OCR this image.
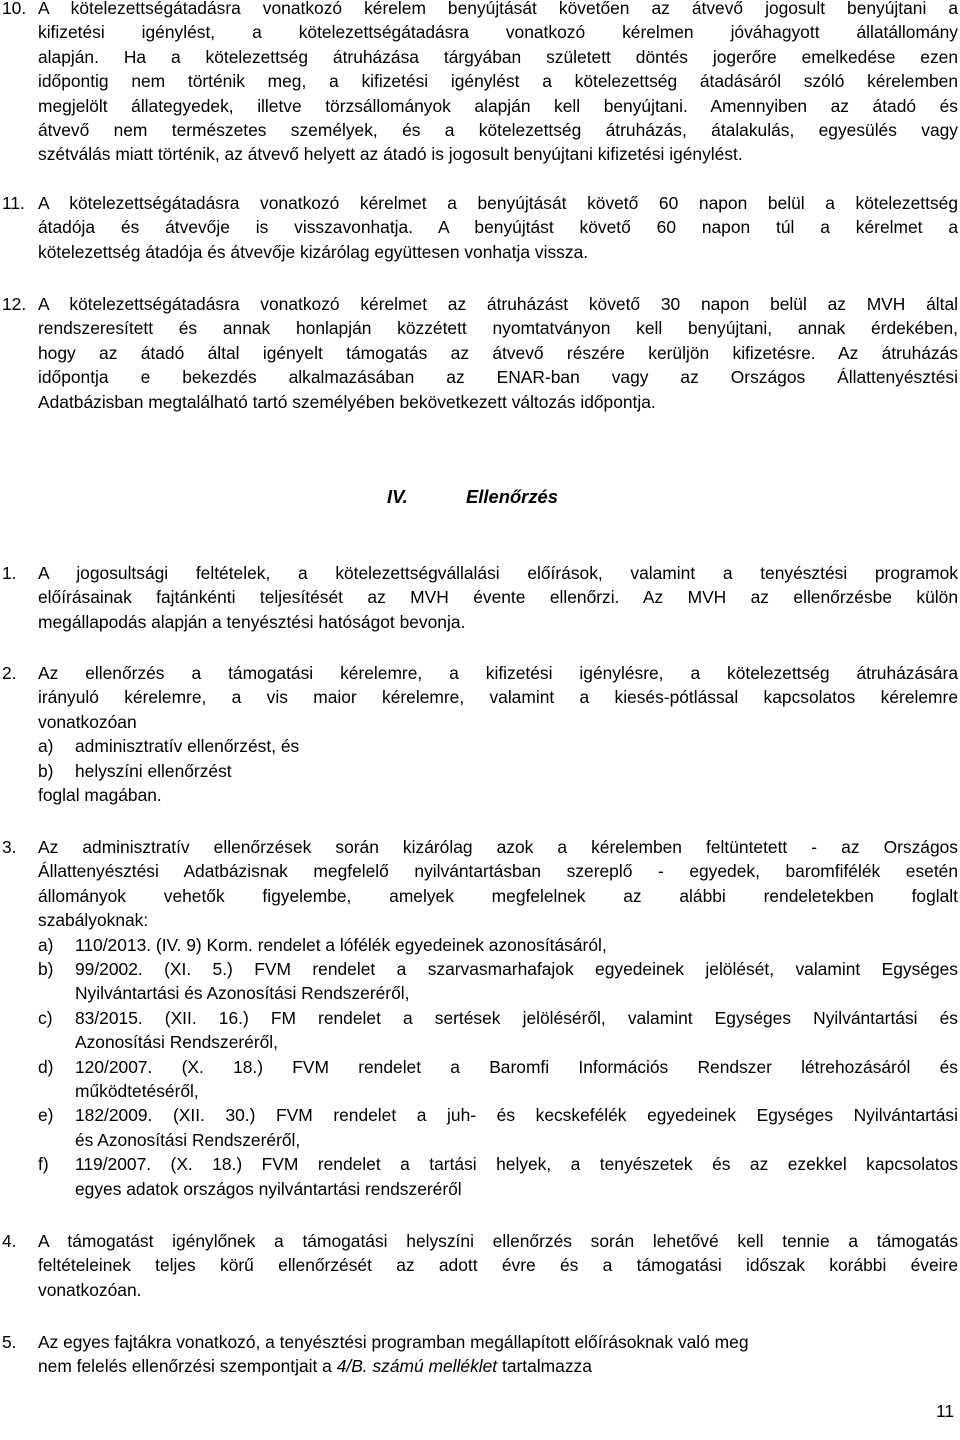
10. A kötelezettségátadásra vonatkozó kérelem benyújtását követően az átvevő jogosult benyújtani a
kifizetési igénylést, a kötelezettségátadásra vonatkozó kérelmen jóváhagyott állatállomány
alapján. Ha a kötelezettség átruházása tárgyában született döntés jogerőre emelkedése ezen
időpontig nem történik meg, a kifizetési igénylést a kötelezettség átadásáról szóló kérelemben
megjelölt állategyedek, illetve törzsállományok alapján kell benyújtani. Amennyiben az átadó és
átvevő nem természetes személyek, és a kötelezettség átruházás, átalakulás, egyesülés vagy
szétválás miatt történik, az átvevő helyett az átadó is jogosult benyújtani kifizetési igénylést.
11. A kötelezettségátadásra vonatkozó kérelmet a benyújtását követő 60 napon belül a kötelezettség
átadója és átvevője is visszavonhatja. A benyújtást követő 60 napon túl a kérelmet a
kötelezettség átadója és átvevője kizárólag együttesen vonhatja vissza.
12. A kötelezettségátadásra vonatkozó kérelmet az átruházást követő 30 napon belül az MVH által
rendszeresített és annak honlapján közzétett nyomtatványon kell benyújtani, annak érdekében,
hogy az átadó által igényelt támogatás az átvevő részére kerüljön kifizetésre. Az átruházás
időpontja e bekezdés alkalmazásában az ENAR-ban vagy az Országos Állattenyésztési
Adatbázisban megtalálható tartó személyében bekövetkezett változás időpontja.
IV.	Ellenőrzés
1. A jogosultsági feltételek, a kötelezettségvállalási előírások, valamint a tenyésztési programok
előírásainak fajtánkénti teljesítését az MVH évente ellenőrzi. Az MVH az ellenőrzésbe külön
megállapodás alapján a tenyésztési hatóságot bevonja.
2. Az ellenőrzés a támogatási kérelemre, a kifizetési igénylésre, a kötelezettség átruházására
irányuló kérelemre, a vis maior kérelemre, valamint a kiesés-pótlással kapcsolatos kérelemre
vonatkozóan
a) adminisztratív ellenőrzést, és
b) helyszíni ellenőrzést
foglal magában.
3. Az adminisztratív ellenőrzések során kizárólag azok a kérelemben feltüntetett - az Országos
Állattenyésztési Adatbázisnak megfelelő nyilvántartásban szereplő - egyedek, baromfifélék esetén
állományok vehetők figyelembe, amelyek megfelelnek az alábbi rendeletekben foglalt
szabályoknak:
a) 110/2013. (IV. 9) Korm. rendelet a lófélék egyedeinek azonosításáról,
b) 99/2002. (XI. 5.) FVM rendelet a szarvasmarhafajok egyedeinek jelölését, valamint Egységes
Nyilvántartási és Azonosítási Rendszeréről,
c) 83/2015. (XII. 16.) FM rendelet a sertések jelöléséről, valamint Egységes Nyilvántartási és
Azonosítási Rendszeréről,
d) 120/2007. (X. 18.) FVM rendelet a Baromfi Információs Rendszer létrehozásáról és
működtetéséről,
e) 182/2009. (XII. 30.) FVM rendelet a juh- és kecskefélék egyedeinek Egységes Nyilvántartási
és Azonosítási Rendszeréről,
f) 119/2007. (X. 18.) FVM rendelet a tartási helyek, a tenyészetek és az ezekkel kapcsolatos
egyes adatok országos nyilvántartási rendszeréről
4. A támogatást igénylőnek a támogatási helyszíni ellenőrzés során lehetővé kell tennie a támogatás
feltételeinek teljes körű ellenőrzését az adott évre és a támogatási időszak korábbi éveire
vonatkozóan.
5. Az egyes fajtákra vonatkozó, a tenyésztési programban megállapított előírásoknak való meg
nem felelés ellenőrzési szempontjait a 4/B. számú melléklet tartalmazza
11
